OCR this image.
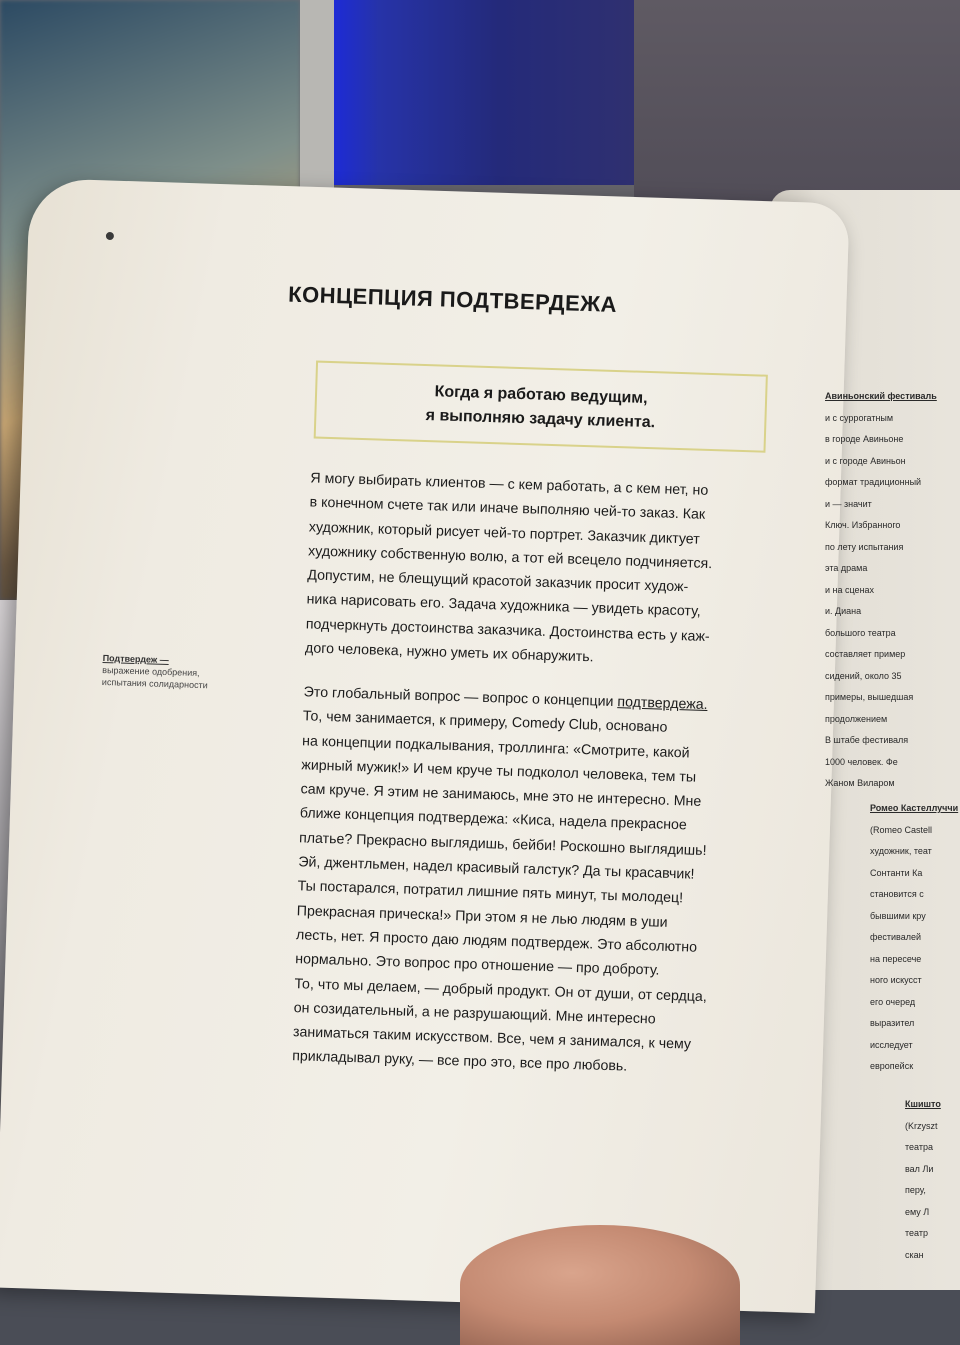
КОНЦЕПЦИЯ ПОДТВЕРДЕЖА
Когда я работаю ведущим,
я выполняю задачу клиента.
Я могу выбирать клиентов — с кем работать, а с кем нет, но
в конечном счете так или иначе выполняю чей-то заказ. Как
художник, который рисует чей-то портрет. Заказчик диктует
художнику собственную волю, а тот ей всецело подчиняется.
Допустим, не блещущий красотой заказчик просит худож-
ника нарисовать его. Задача художника — увидеть красоту,
подчеркнуть достоинства заказчика. Достоинства есть у каж-
дого человека, нужно уметь их обнаружить.
Это глобальный вопрос — вопрос о концепции подтвердежа.
То, чем занимается, к примеру, Comedy Club, основано
на концепции подкалывания, троллинга: «Смотрите, какой
жирный мужик!» И чем круче ты подколол человека, тем ты
сам круче. Я этим не занимаюсь, мне это не интересно. Мне
ближе концепция подтвердежа: «Киса, надела прекрасное
платье? Прекрасно выглядишь, бейби! Роскошно выглядишь!
Эй, джентльмен, надел красивый галстук? Да ты красавчик!
Ты постарался, потратил лишние пять минут, ты молодец!
Прекрасная прическа!» При этом я не лью людям в уши
лесть, нет. Я просто даю людям подтвердеж. Это абсолютно
нормально. Это вопрос про отношение — про доброту.
То, что мы делаем, — добрый продукт. Он от души, от сердца,
он созидательный, а не разрушающий. Мне интересно
заниматься таким искусством. Все, чем я занимался, к чему
прикладывал руку, — все про это, все про любовь.
Подтвердеж —
выражение одобрения,
испытания солидарности
Авиньонский фестиваль
и с суррогатным
в городе Авиньоне
и с городе Авиньон
формат традиционный
и — значит
Ключ. Избранного
по лету испытания
эта драма
и на сценах
и. Диана
большого театра
составляет пример
сидений, около 35
примеры, вышедшая
продолжением
В штабе фестиваля
1000 человек. Фе
Жаном Виларом
Ромео Кастеллуччи
(Romeo Castell
художник, теат
Сонтанти Ка
становится с
бывшими кру
фестивалей
на пересече
ного искусст
его очеред
выразител
исследует
европейск
Кшишто
(Krzyszt
театра
вал Ли
перу,
ему Л
театр
скан
